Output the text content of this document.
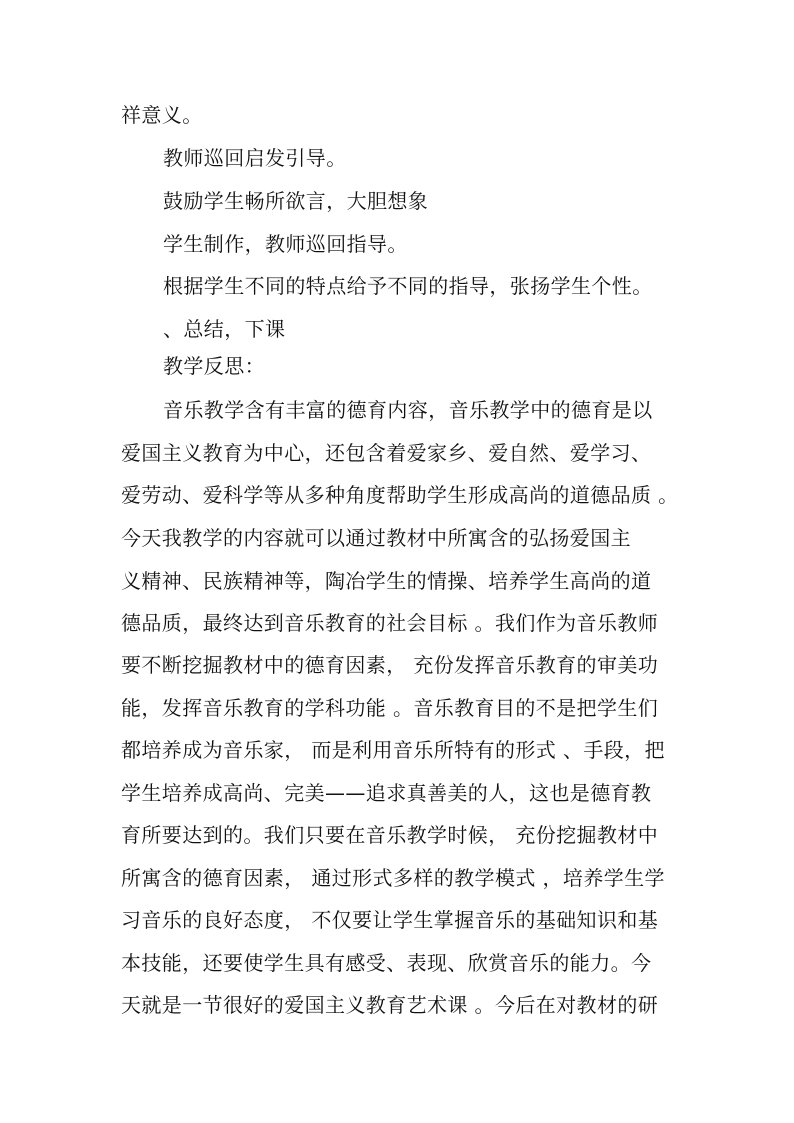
祥意义。
教师巡回启发引导。
鼓励学生畅所欲言，大胆想象
学生制作，教师巡回指导。
根据学生不同的特点给予不同的指导，张扬学生个性。
、总结，下课
教学反思：
音乐教学含有丰富的德育内容，音乐教学中的德育是以
爱国主义教育为中心，还包含着爱家乡、爱自然、爱学习、
爱劳动、爱科学等从多种角度帮助学生形成高尚的道德品质 。
今天我教学的内容就可以通过教材中所寓含的弘扬爱国主
义精神、民族精神等，陶冶学生的情操、培养学生高尚的道
德品质，最终达到音乐教育的社会目标 。我们作为音乐教师
要不断挖掘教材中的德育因素， 充份发挥音乐教育的审美功
能，发挥音乐教育的学科功能 。音乐教育目的不是把学生们
都培养成为音乐家， 而是利用音乐所特有的形式 、手段，把
学生培养成高尚、完美——追求真善美的人，这也是德育教
育所要达到的。我们只要在音乐教学时候， 充份挖掘教材中
所寓含的德育因素， 通过形式多样的教学模式 ，培养学生学
习音乐的良好态度， 不仅要让学生掌握音乐的基础知识和基
本技能，还要使学生具有感受、表现、欣赏音乐的能力。今
天就是一节很好的爱国主义教育艺术课 。今后在对教材的研
